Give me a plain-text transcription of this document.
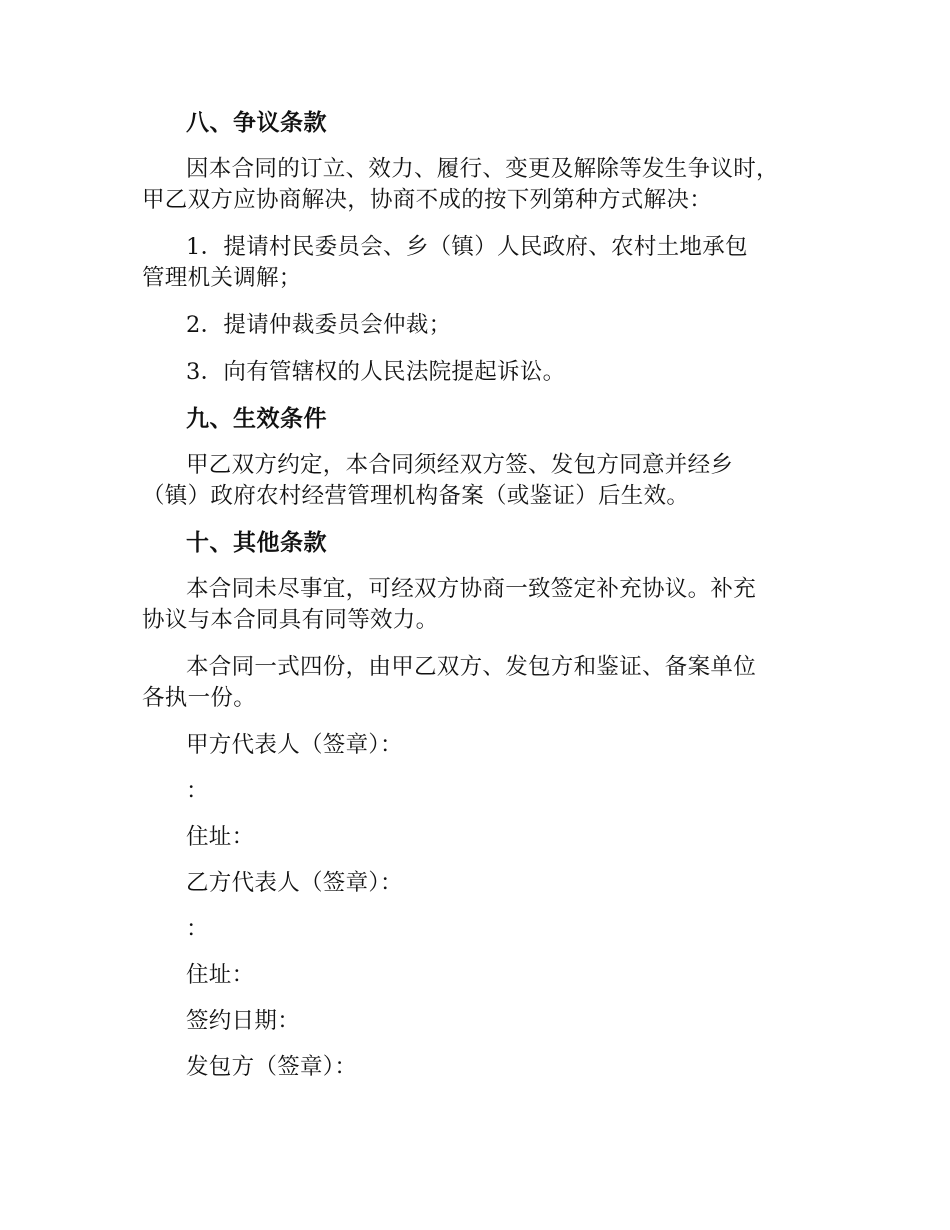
八、争议条款
因本合同的订立、效力、履行、变更及解除等发生争议时，
甲乙双方应协商解决，协商不成的按下列第种方式解决：
1．提请村民委员会、乡（镇）人民政府、农村土地承包
管理机关调解；
2．提请仲裁委员会仲裁；
3．向有管辖权的人民法院提起诉讼。
九、生效条件
甲乙双方约定，本合同须经双方签、发包方同意并经乡
（镇）政府农村经营管理机构备案（或鉴证）后生效。
十、其他条款
本合同未尽事宜，可经双方协商一致签定补充协议。补充
协议与本合同具有同等效力。
本合同一式四份，由甲乙双方、发包方和鉴证、备案单位
各执一份。
甲方代表人（签章）：
：
住址：
乙方代表人（签章）：
：
住址：
签约日期：
发包方（签章）：
